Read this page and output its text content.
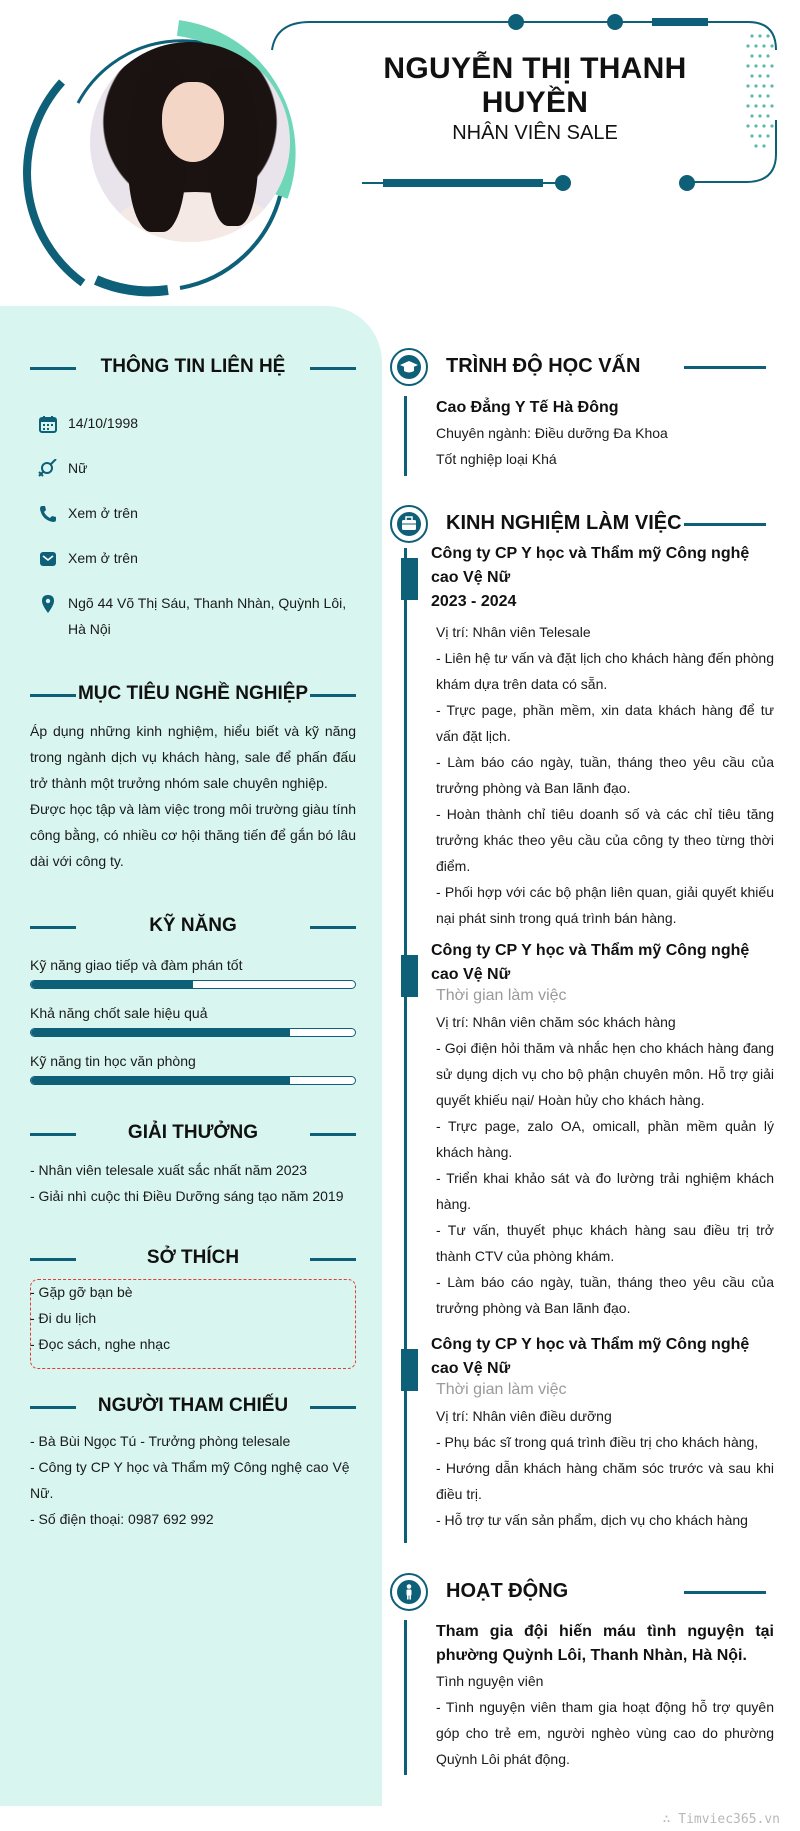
NGUYỄN THỊ THANH HUYỀN
NHÂN VIÊN SALE
THÔNG TIN LIÊN HỆ
14/10/1998
Nữ
Xem ở trên
Xem ở trên
Ngõ 44 Võ Thị Sáu, Thanh Nhàn, Quỳnh Lôi, Hà Nội
MỤC TIÊU NGHỀ NGHIỆP

Áp dụng những kinh nghiệm, hiểu biết và kỹ năng trong ngành dịch vụ khách hàng, sale để phấn đấu trở thành một trưởng nhóm sale chuyên nghiệp.

Được học tập và làm việc trong môi trường giàu tính công bằng, có nhiều cơ hội thăng tiến để gắn bó lâu dài với công ty.

KỸ NĂNG
Kỹ năng giao tiếp và đàm phán tốt
Khả năng chốt sale hiệu quả
Kỹ năng tin học văn phòng
GIẢI THƯỞNG
- Nhân viên telesale xuất sắc nhất năm 2023
- Giải nhì cuộc thi Điều Dưỡng sáng tạo năm 2019
SỞ THÍCH
- Gặp gỡ bạn bè
- Đi du lịch
- Đọc sách, nghe nhạc
NGƯỜI THAM CHIẾU
- Bà Bùi Ngọc Tú - Trưởng phòng telesale
- Công ty CP Y học và Thẩm mỹ Công nghệ cao Vệ Nữ.
- Số điện thoại: 0987 692 992
TRÌNH ĐỘ HỌC VẤN
Cao Đẳng Y Tế Hà Đông
Chuyên ngành: Điều dưỡng Đa Khoa
Tốt nghiệp loại Khá
KINH NGHIỆM LÀM VIỆC
Công ty CP Y học và Thẩm mỹ Công nghệ cao Vệ Nữ
2023 - 2024

Vị trí: Nhân viên Telesale

- Liên hệ tư vấn và đặt lịch cho khách hàng đến phòng khám dựa trên data có sẵn.

- Trực page, phần mềm, xin data khách hàng để tư vấn đặt lịch.

- Làm báo cáo ngày, tuần, tháng theo yêu cầu của trưởng phòng và Ban lãnh đạo.

- Hoàn thành chỉ tiêu doanh số và các chỉ tiêu tăng trưởng khác theo yêu cầu của công ty theo từng thời điểm.

- Phối hợp với các bộ phận liên quan, giải quyết khiếu nại phát sinh trong quá trình bán hàng.

Công ty CP Y học và Thẩm mỹ Công nghệ cao Vệ Nữ
Thời gian làm việc

Vị trí: Nhân viên chăm sóc khách hàng

- Gọi điện hỏi thăm và nhắc hẹn cho khách hàng đang sử dụng dịch vụ cho bộ phận chuyên môn. Hỗ trợ giải quyết khiếu nại/ Hoàn hủy cho khách hàng.

- Trực page, zalo OA, omicall, phần mềm quản lý khách hàng.

- Triển khai khảo sát và đo lường trải nghiệm khách hàng.

- Tư vấn, thuyết phục khách hàng sau điều trị trở thành CTV của phòng khám.

- Làm báo cáo ngày, tuần, tháng theo yêu cầu của trưởng phòng và Ban lãnh đạo.

Công ty CP Y học và Thẩm mỹ Công nghệ cao Vệ Nữ
Thời gian làm việc

Vị trí: Nhân viên điều dưỡng

- Phụ bác sĩ trong quá trình điều trị cho khách hàng,

- Hướng dẫn khách hàng chăm sóc trước và sau khi điều trị.

- Hỗ trợ tư vấn sản phẩm, dịch vụ cho khách hàng

HOẠT ĐỘNG
Tham gia đội hiến máu tình nguyện tại phường Quỳnh Lôi, Thanh Nhàn, Hà Nội.
Tình nguyện viên

- Tình nguyện viên tham gia hoạt động hỗ trợ quyên góp cho trẻ em, người nghèo vùng cao do phường Quỳnh Lôi phát động.

∴ Timviec365.vn
